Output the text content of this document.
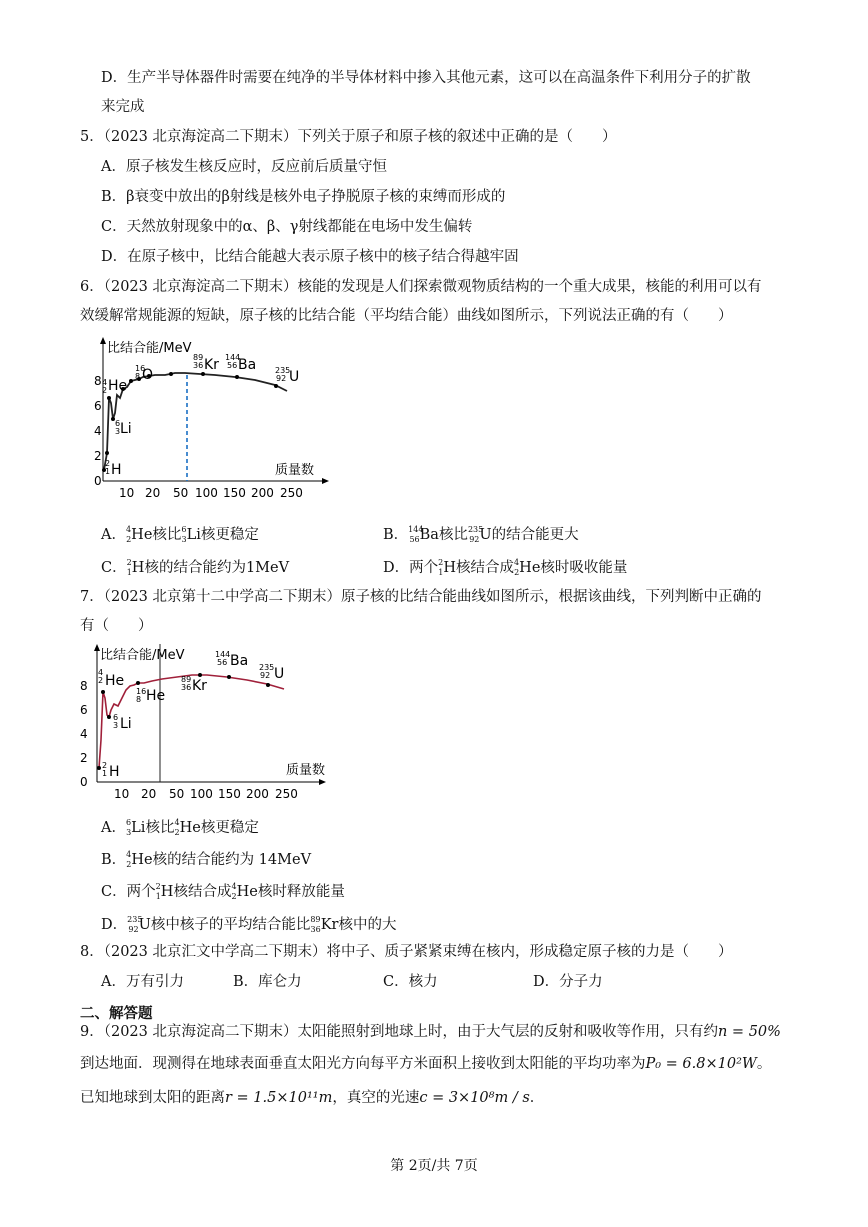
D．生产半导体器件时需要在纯净的半导体材料中掺入其他元素，这可以在高温条件下利用分子的扩散
来完成
5．（2023 北京海淀高二下期末）下列关于原子和原子核的叙述中正确的是（　　）
A．原子核发生核反应时，反应前后质量守恒
B．β衰变中放出的β射线是核外电子挣脱原子核的束缚而形成的
C．天然放射现象中的α、β、γ射线都能在电场中发生偏转
D．在原子核中，比结合能越大表示原子核中的核子结合得越牢固
6．（2023 北京海淀高二下期末）核能的发现是人们探索微观物质结构的一个重大成果，核能的利用可以有
效缓解常规能源的短缺，原子核的比结合能（平均结合能）曲线如图所示，下列说法正确的有（　　）
比结合能/MeV
质量数
0
2
4
6
8
10 20 50 100 150 200 250
4
2 He
16
8 O
89
36 Kr 144
56 Ba 235
92 U
6
3 Li
2
1 H
A．$^4_2$He核比$^6_3$Li核更稳定	B．$^{144}_{56}$Ba核比$^{235}_{92}$U的结合能更大
C．$^2_1$H核的结合能约为1MeV	D．两个$^2_1$H核结合成$^4_2$He核时吸收能量
7．（2023 北京第十二中学高二下期末）原子核的比结合能曲线如图所示，根据该曲线，下列判断中正确的
有（　　）
比结合能/MeV
质量数
0
2
4
6
8
10 20 50 100 150 200 250
4
2 He
16
8 He
89
36 Kr
144
56 Ba 235
92 U
6
3 Li
2
1 H
A．$^6_3$Li核比$^4_2$He核更稳定
B．$^4_2$He核的结合能约为 14MeV
C．两个$^2_1$H核结合成$^4_2$He核时释放能量
D．$^{235}_{92}$U核中核子的平均结合能比$^{89}_{36}$Kr核中的大
8．（2023 北京汇文中学高二下期末）将中子、质子紧紧束缚在核内，形成稳定原子核的力是（　　）
A．万有引力	B．库仑力	C．核力	D．分子力
二、解答题
9．（2023 北京海淀高二下期末）太阳能照射到地球上时，由于大气层的反射和吸收等作用，只有约n = 50%
到达地面．现测得在地球表面垂直太阳光方向每平方米面积上接收到太阳能的平均功率为P₀ = 6.8×10²W。
已知地球到太阳的距离r = 1.5×10¹¹m，真空的光速c = 3×10⁸m / s．
第 2页/共 7页
